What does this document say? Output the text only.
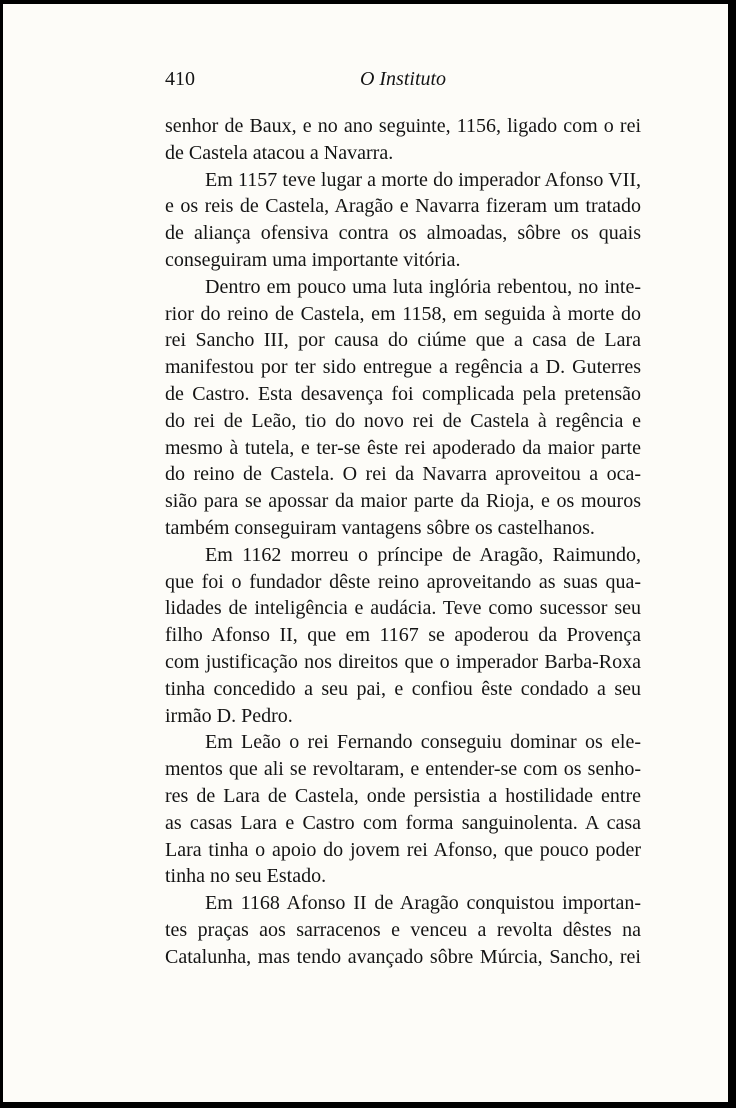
410	O Instituto
senhor de Baux, e no ano seguinte, 1156, ligado com o rei
de Castela atacou a Navarra.
Em 1157 teve lugar a morte do imperador Afonso VII,
e os reis de Castela, Aragão e Navarra fizeram um tratado
de aliança ofensiva contra os almoadas, sôbre os quais
conseguiram uma importante vitória.
Dentro em pouco uma luta inglória rebentou, no inte-
rior do reino de Castela, em 1158, em seguida à morte do
rei Sancho III, por causa do ciúme que a casa de Lara
manifestou por ter sido entregue a regência a D. Guterres
de Castro. Esta desavença foi complicada pela pretensão
do rei de Leão, tio do novo rei de Castela à regência e
mesmo à tutela, e ter-se êste rei apoderado da maior parte
do reino de Castela. O rei da Navarra aproveitou a oca-
sião para se apossar da maior parte da Rioja, e os mouros
também conseguiram vantagens sôbre os castelhanos.
Em 1162 morreu o príncipe de Aragão, Raimundo,
que foi o fundador dêste reino aproveitando as suas qua-
lidades de inteligência e audácia. Teve como sucessor seu
filho Afonso II, que em 1167 se apoderou da Provença
com justificação nos direitos que o imperador Barba-Roxa
tinha concedido a seu pai, e confiou êste condado a seu
irmão D. Pedro.
Em Leão o rei Fernando conseguiu dominar os ele-
mentos que ali se revoltaram, e entender-se com os senho-
res de Lara de Castela, onde persistia a hostilidade entre
as casas Lara e Castro com forma sanguinolenta. A casa
Lara tinha o apoio do jovem rei Afonso, que pouco poder
tinha no seu Estado.
Em 1168 Afonso II de Aragão conquistou importan-
tes praças aos sarracenos e venceu a revolta dêstes na
Catalunha, mas tendo avançado sôbre Múrcia, Sancho, rei
